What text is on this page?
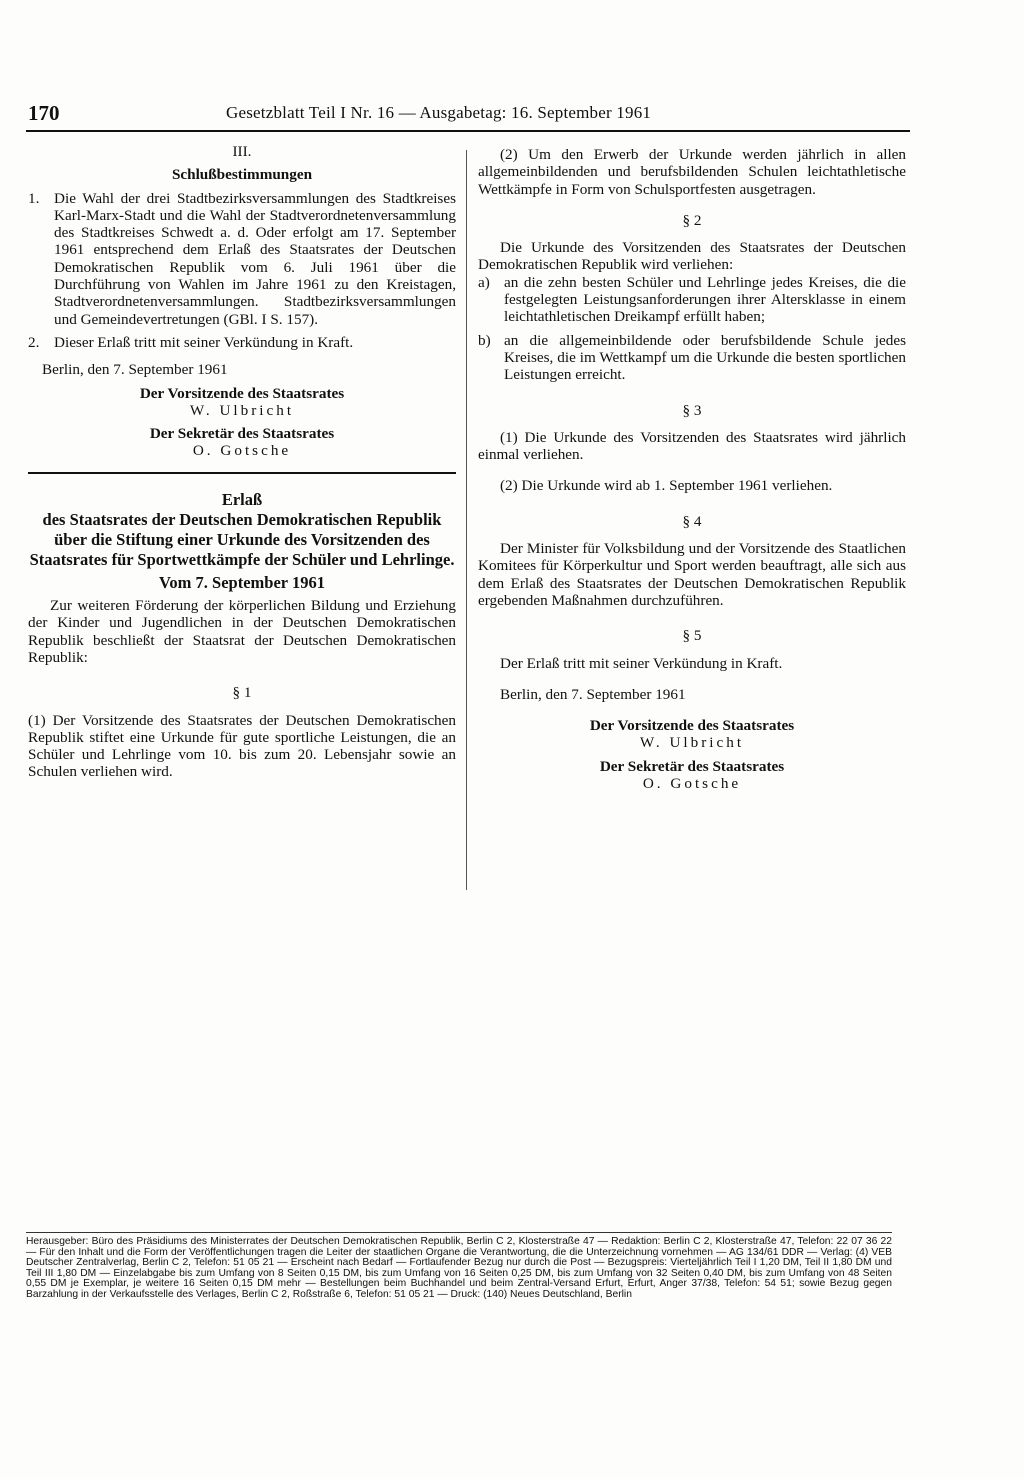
170	Gesetzblatt Teil I Nr. 16 — Ausgabetag: 16. September 1961

III.

Schlußbestimmungen

1. Die Wahl der drei Stadtbezirksversammlungen des Stadtkreises Karl-Marx-Stadt und die Wahl der Stadtverordnetenversammlung des Stadtkreises Schwedt a. d. Oder erfolgt am 17. September 1961 entsprechend dem Erlaß des Staatsrates der Deutschen Demokratischen Republik vom 6. Juli 1961 über die Durchführung von Wahlen im Jahre 1961 zu den Kreistagen, Stadtverordnetenversammlungen. Stadtbezirksversammlungen und Gemeindevertretungen (GBl. I S. 157).
2. Dieser Erlaß tritt mit seiner Verkündung in Kraft.

Berlin, den 7. September 1961

Der Vorsitzende des Staatsrates

W. Ulbricht

Der Sekretär des Staatsrates

O. Gotsche

Erlaß

des Staatsrates der Deutschen Demokratischen Republik über die Stiftung einer Urkunde des Vorsitzenden des Staatsrates für Sportwettkämpfe der Schüler und Lehrlinge.

Vom 7. September 1961

Zur weiteren Förderung der körperlichen Bildung und Erziehung der Kinder und Jugendlichen in der Deutschen Demokratischen Republik beschließt der Staatsrat der Deutschen Demokratischen Republik:

§ 1

(1) Der Vorsitzende des Staatsrates der Deutschen Demokratischen Republik stiftet eine Urkunde für gute sportliche Leistungen, die an Schüler und Lehrlinge vom 10. bis zum 20. Lebensjahr sowie an Schulen verliehen wird.

(2) Um den Erwerb der Urkunde werden jährlich in allen allgemeinbildenden und berufsbildenden Schulen leichtathletische Wettkämpfe in Form von Schulsportfesten ausgetragen.

§ 2

Die Urkunde des Vorsitzenden des Staatsrates der Deutschen Demokratischen Republik wird verliehen:

a) an die zehn besten Schüler und Lehrlinge jedes Kreises, die die festgelegten Leistungsanforderungen ihrer Altersklasse in einem leichtathletischen Dreikampf erfüllt haben;
b) an die allgemeinbildende oder berufsbildende Schule jedes Kreises, die im Wettkampf um die Urkunde die besten sportlichen Leistungen erreicht.

§ 3

(1) Die Urkunde des Vorsitzenden des Staatsrates wird jährlich einmal verliehen.

(2) Die Urkunde wird ab 1. September 1961 verliehen.

§ 4

Der Minister für Volksbildung und der Vorsitzende des Staatlichen Komitees für Körperkultur und Sport werden beauftragt, alle sich aus dem Erlaß des Staatsrates der Deutschen Demokratischen Republik ergebenden Maßnahmen durchzuführen.

§ 5

Der Erlaß tritt mit seiner Verkündung in Kraft.

Berlin, den 7. September 1961

Der Vorsitzende des Staatsrates

W. Ulbricht

Der Sekretär des Staatsrates

O. Gotsche

Herausgeber: Büro des Präsidiums des Ministerrates der Deutschen Demokratischen Republik, Berlin C 2, Klosterstraße 47 — Redaktion: Berlin C 2, Klosterstraße 47, Telefon: 22 07 36 22 — Für den Inhalt und die Form der Veröffentlichungen tragen die Leiter der staatlichen Organe die Verantwortung, die die Unterzeichnung vornehmen — AG 134/61 DDR — Verlag: (4) VEB Deutscher Zentralverlag, Berlin C 2, Telefon: 51 05 21 — Erscheint nach Bedarf — Fortlaufender Bezug nur durch die Post — Bezugspreis: Vierteljährlich Teil I 1,20 DM, Teil II 1,80 DM und Teil III 1,80 DM — Einzelabgabe bis zum Umfang von 8 Seiten 0,15 DM, bis zum Umfang von 16 Seiten 0,25 DM, bis zum Umfang von 32 Seiten 0,40 DM, bis zum Umfang von 48 Seiten 0,55 DM je Exemplar, je weitere 16 Seiten 0,15 DM mehr — Bestellungen beim Buchhandel und beim Zentral-Versand Erfurt, Erfurt, Anger 37/38, Telefon: 54 51; sowie Bezug gegen Barzahlung in der Verkaufsstelle des Verlages, Berlin C 2, Roßstraße 6, Telefon: 51 05 21 — Druck: (140) Neues Deutschland, Berlin
